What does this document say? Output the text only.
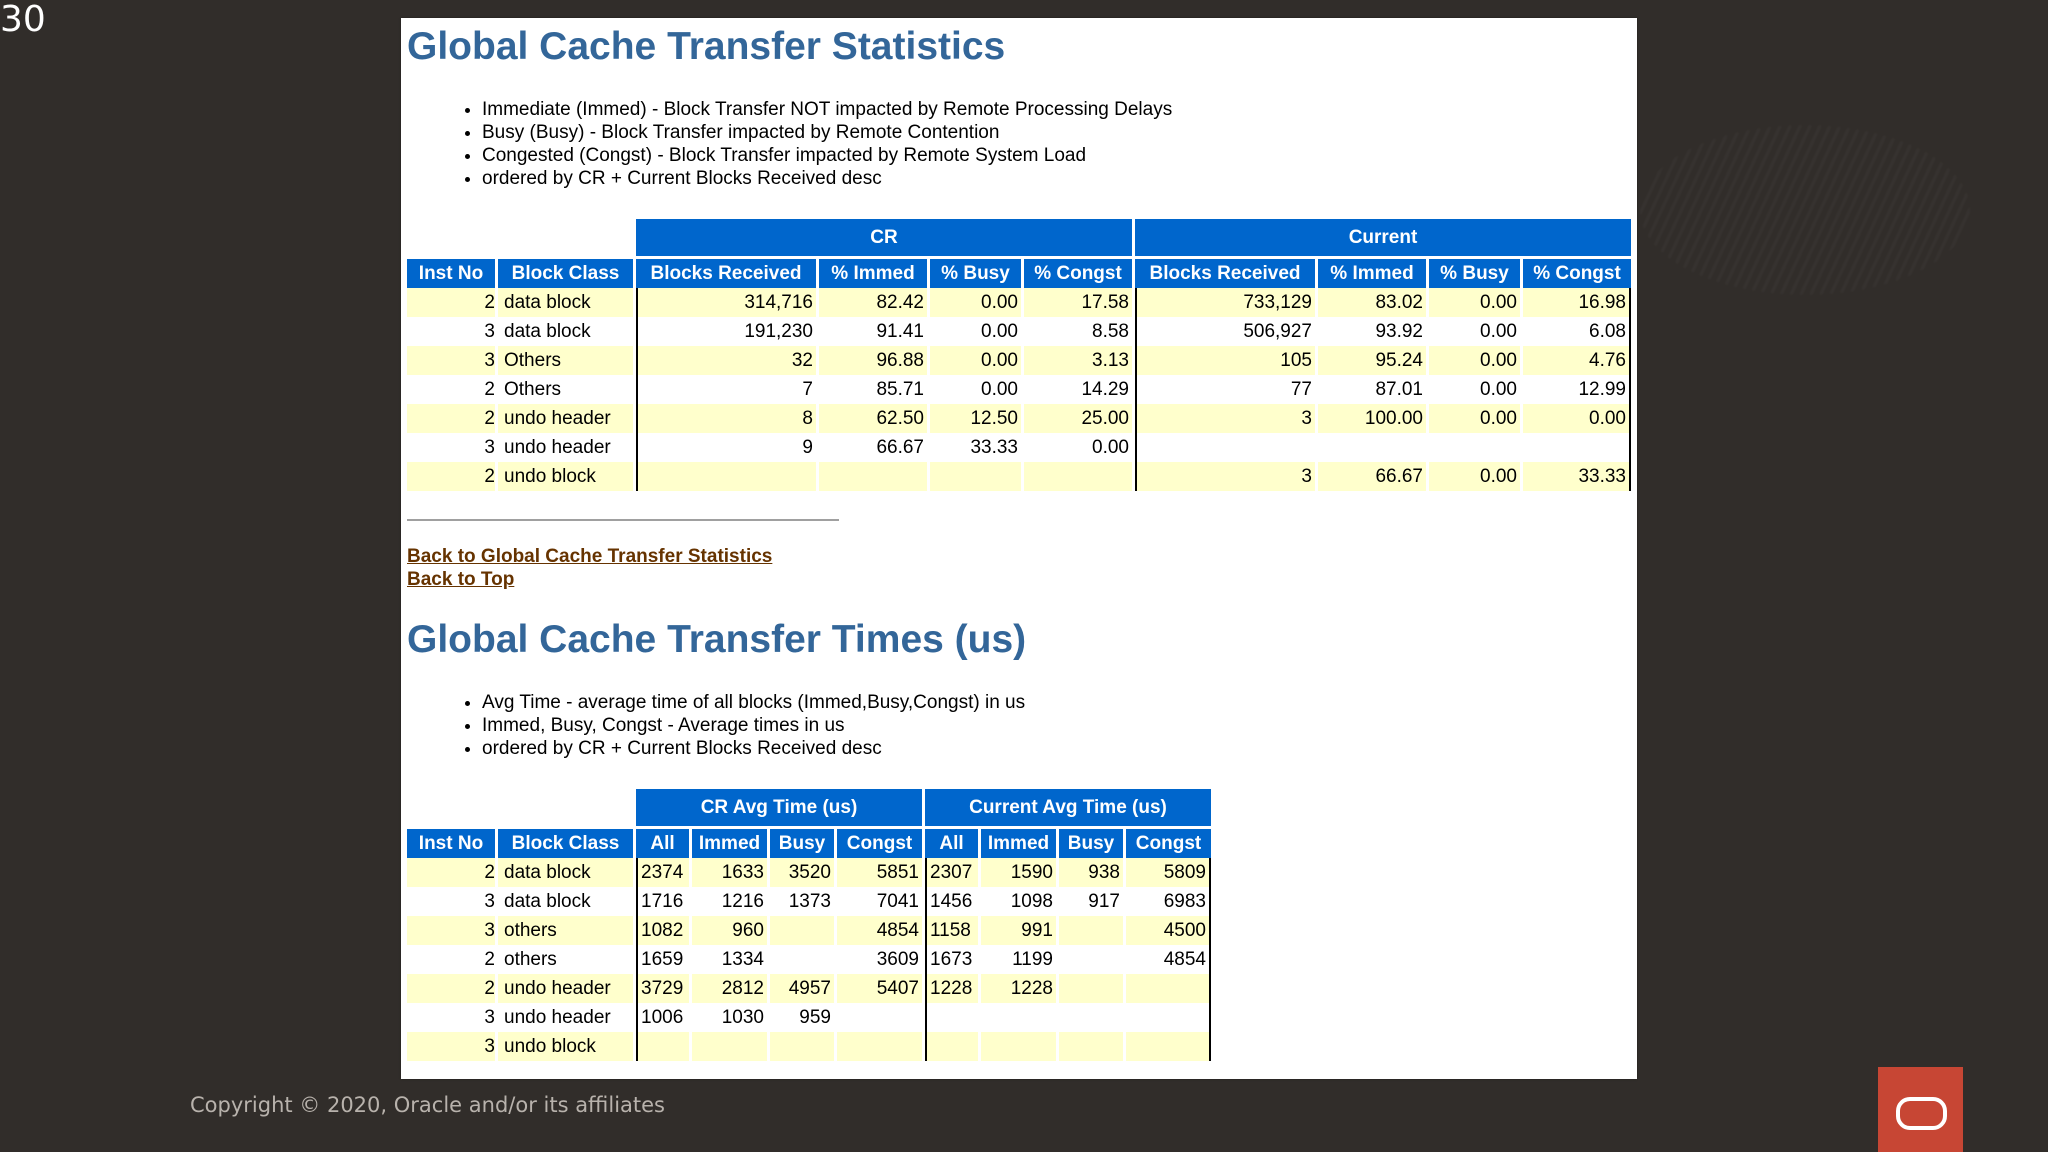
30
Global Cache Transfer Statistics
• Immediate (Immed) - Block Transfer NOT impacted by Remote Processing Delays
• Busy (Busy) - Block Transfer impacted by Remote Contention
• Congested (Congst) - Block Transfer impacted by Remote System Load
• ordered by CR + Current Blocks Received desc
		CR				Current			
Inst No	Block Class	Blocks Received	% Immed	% Busy	% Congst	Blocks Received	% Immed	% Busy	% Congst
2	data block	314,716	82.42	0.00	17.58	733,129	83.02	0.00	16.98
3	data block	191,230	91.41	0.00	8.58	506,927	93.92	0.00	6.08
3	Others	32	96.88	0.00	3.13	105	95.24	0.00	4.76
2	Others	7	85.71	0.00	14.29	77	87.01	0.00	12.99
2	undo header	8	62.50	12.50	25.00	3	100.00	0.00	0.00
3	undo header	9	66.67	33.33	0.00				
2	undo block					3	66.67	0.00	33.33
Back to Global Cache Transfer Statistics
Back to Top
Global Cache Transfer Times (us)
• Avg Time - average time of all blocks (Immed,Busy,Congst) in us
• Immed, Busy, Congst - Average times in us
• ordered by CR + Current Blocks Received desc
		CR Avg Time (us)				Current Avg Time (us)			
Inst No	Block Class	All	Immed	Busy	Congst	All	Immed	Busy	Congst
2	data block	2374	1633	3520	5851	2307	1590	938	5809
3	data block	1716	1216	1373	7041	1456	1098	917	6983
3	others	1082	960		4854	1158	991		4500
2	others	1659	1334		3609	1673	1199		4854
2	undo header	3729	2812	4957	5407	1228	1228		
3	undo header	1006	1030	959					
3	undo block								
Copyright © 2020, Oracle and/or its affiliates
